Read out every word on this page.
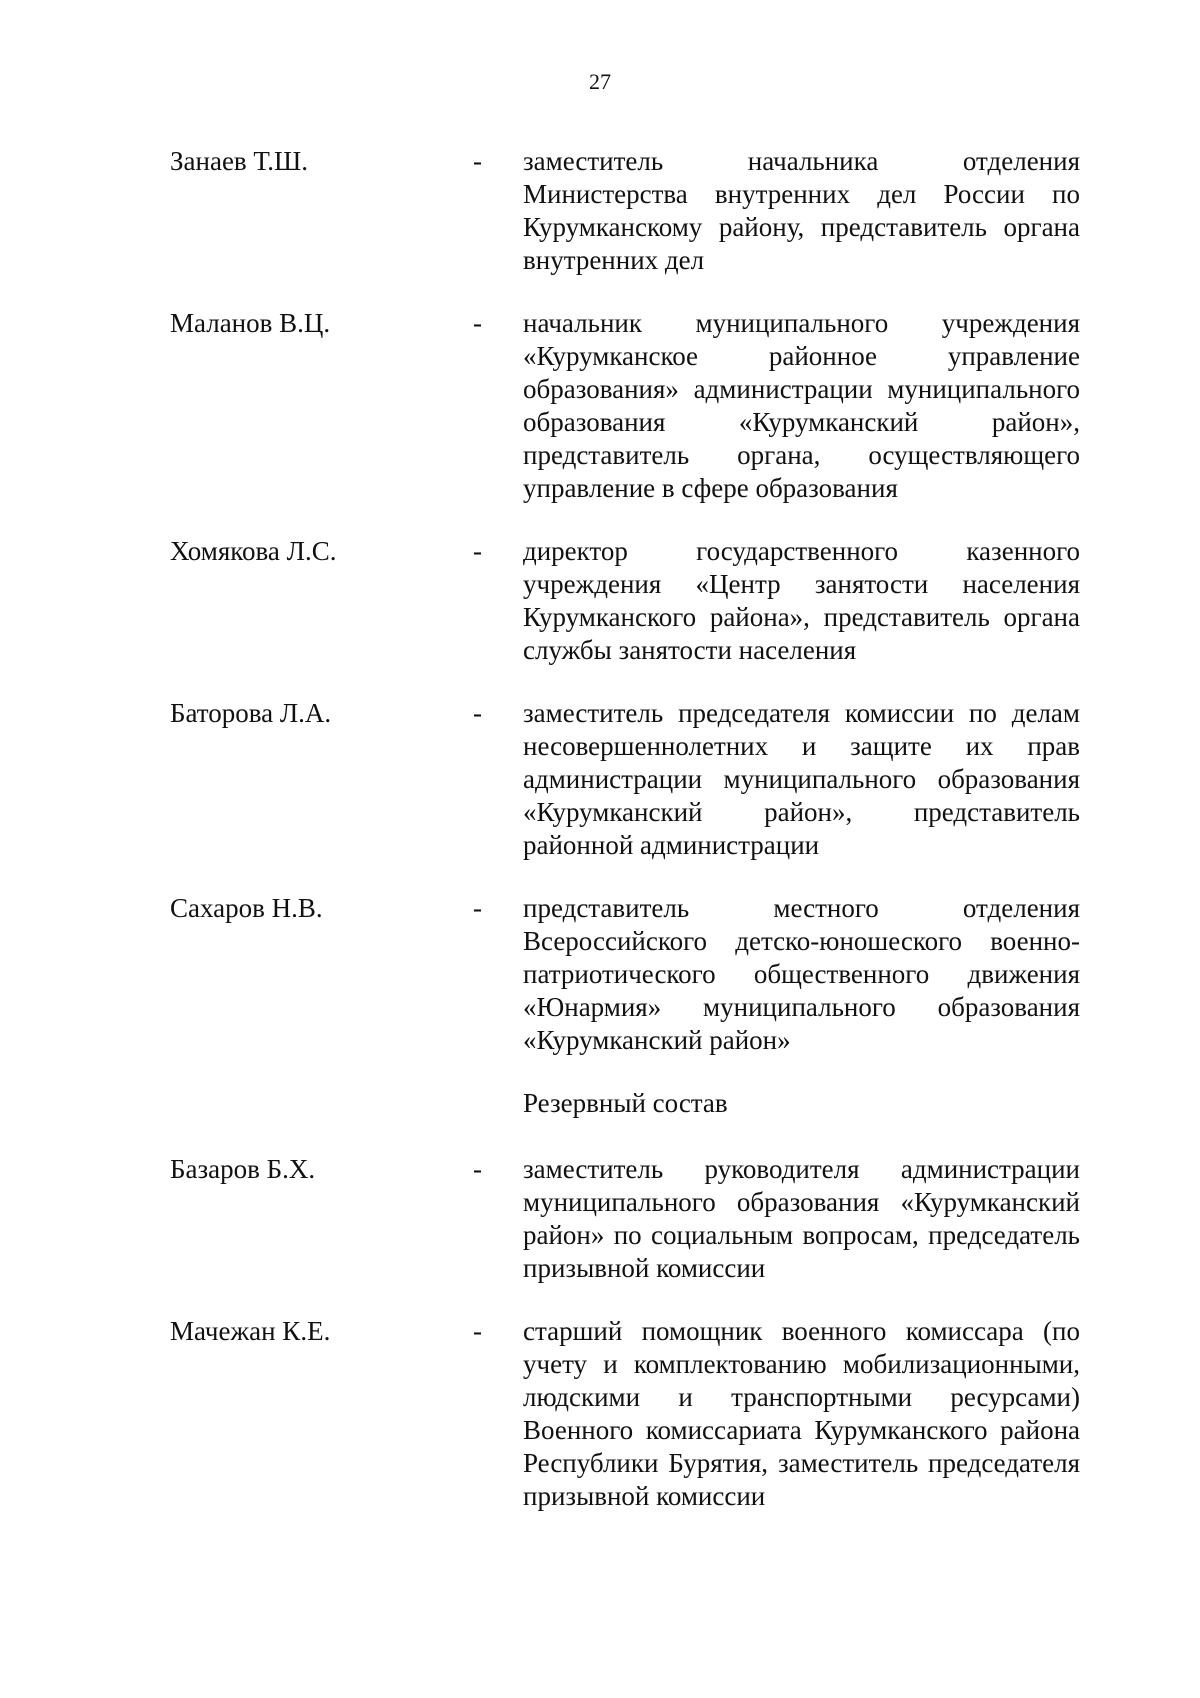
27
Занаев Т.Ш.	- заместитель начальника отделения Министерства внутренних дел России по Курумканскому району, представитель органа внутренних дел
Маланов В.Ц.	- начальник муниципального учреждения «Курумканское районное управление образования» администрации муниципального образования «Курумканский район», представитель органа, осуществляющего управление в сфере образования
Хомякова Л.С.	- директор государственного казенного учреждения «Центр занятости населения Курумканского района», представитель органа службы занятости населения
Баторова Л.А.	- заместитель председателя комиссии по делам несовершеннолетних и защите их прав администрации муниципального образования «Курумканский район», представитель районной администрации
Сахаров Н.В.	- представитель местного отделения Всероссийского детско-юношеского военно-патриотического общественного движения «Юнармия» муниципального образования «Курумканский район»
Резервный состав
Базаров Б.Х.	- заместитель руководителя администрации муниципального образования «Курумканский район» по социальным вопросам, председатель призывной комиссии
Мачежан К.Е.	- старший помощник военного комиссара (по учету и комплектованию мобилизационными, людскими и транспортными ресурсами) Военного комиссариата Курумканского района Республики Бурятия, заместитель председателя призывной комиссии
